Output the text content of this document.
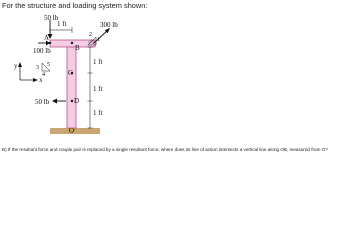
For the structure and loading system shown:

50 lb
300 lb
100 lb
50 lb
1 ft
1 ft
1 ft
1 ft
A
B
C
D
O
2
1
√5
3
4
5
y
x

B) If the resultant force and couple pair is replaced by a single resultant force, where does its line of action intersects a vertical line along OB, measured from O?
